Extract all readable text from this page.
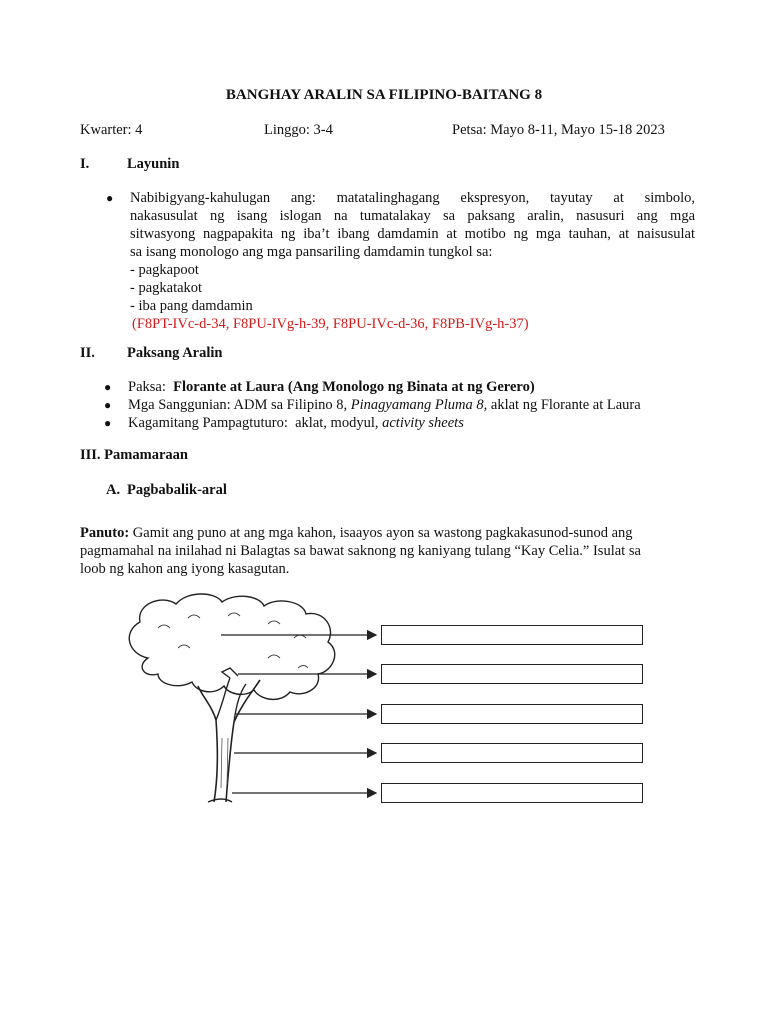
BANGHAY ARALIN SA FILIPINO-BAITANG 8
Kwarter: 4	Linggo: 3-4	Petsa: Mayo 8-11, Mayo 15-18 2023
I.	Layunin
● Nabibigyang-kahulugan ang: matatalinghagang ekspresyon, tayutay at simbolo,
nakasusulat ng isang islogan na tumatalakay sa paksang aralin, nasusuri ang mga
sitwasyong nagpapakita ng iba’t ibang damdamin at motibo ng mga tauhan, at naisusulat
sa isang monologo ang mga pansariling damdamin tungkol sa:
- pagkapoot
- pagkatakot
- iba pang damdamin
(F8PT-IVc-d-34, F8PU-IVg-h-39, F8PU-IVc-d-36, F8PB-IVg-h-37)
II. Paksang Aralin
● Paksa: Florante at Laura (Ang Monologo ng Binata at ng Gerero)
● Mga Sanggunian: ADM sa Filipino 8, Pinagyamang Pluma 8, aklat ng Florante at Laura
● Kagamitang Pampagtuturo:  aklat, modyul, activity sheets
III. Pamamaraan
A. Pagbabalik-aral
Panuto: Gamit ang puno at ang mga kahon, isaayos ayon sa wastong pagkakasunod-sunod ang
pagmamahal na inilahad ni Balagtas sa bawat saknong ng kaniyang tulang “Kay Celia.” Isulat sa
loob ng kahon ang iyong kasagutan.
